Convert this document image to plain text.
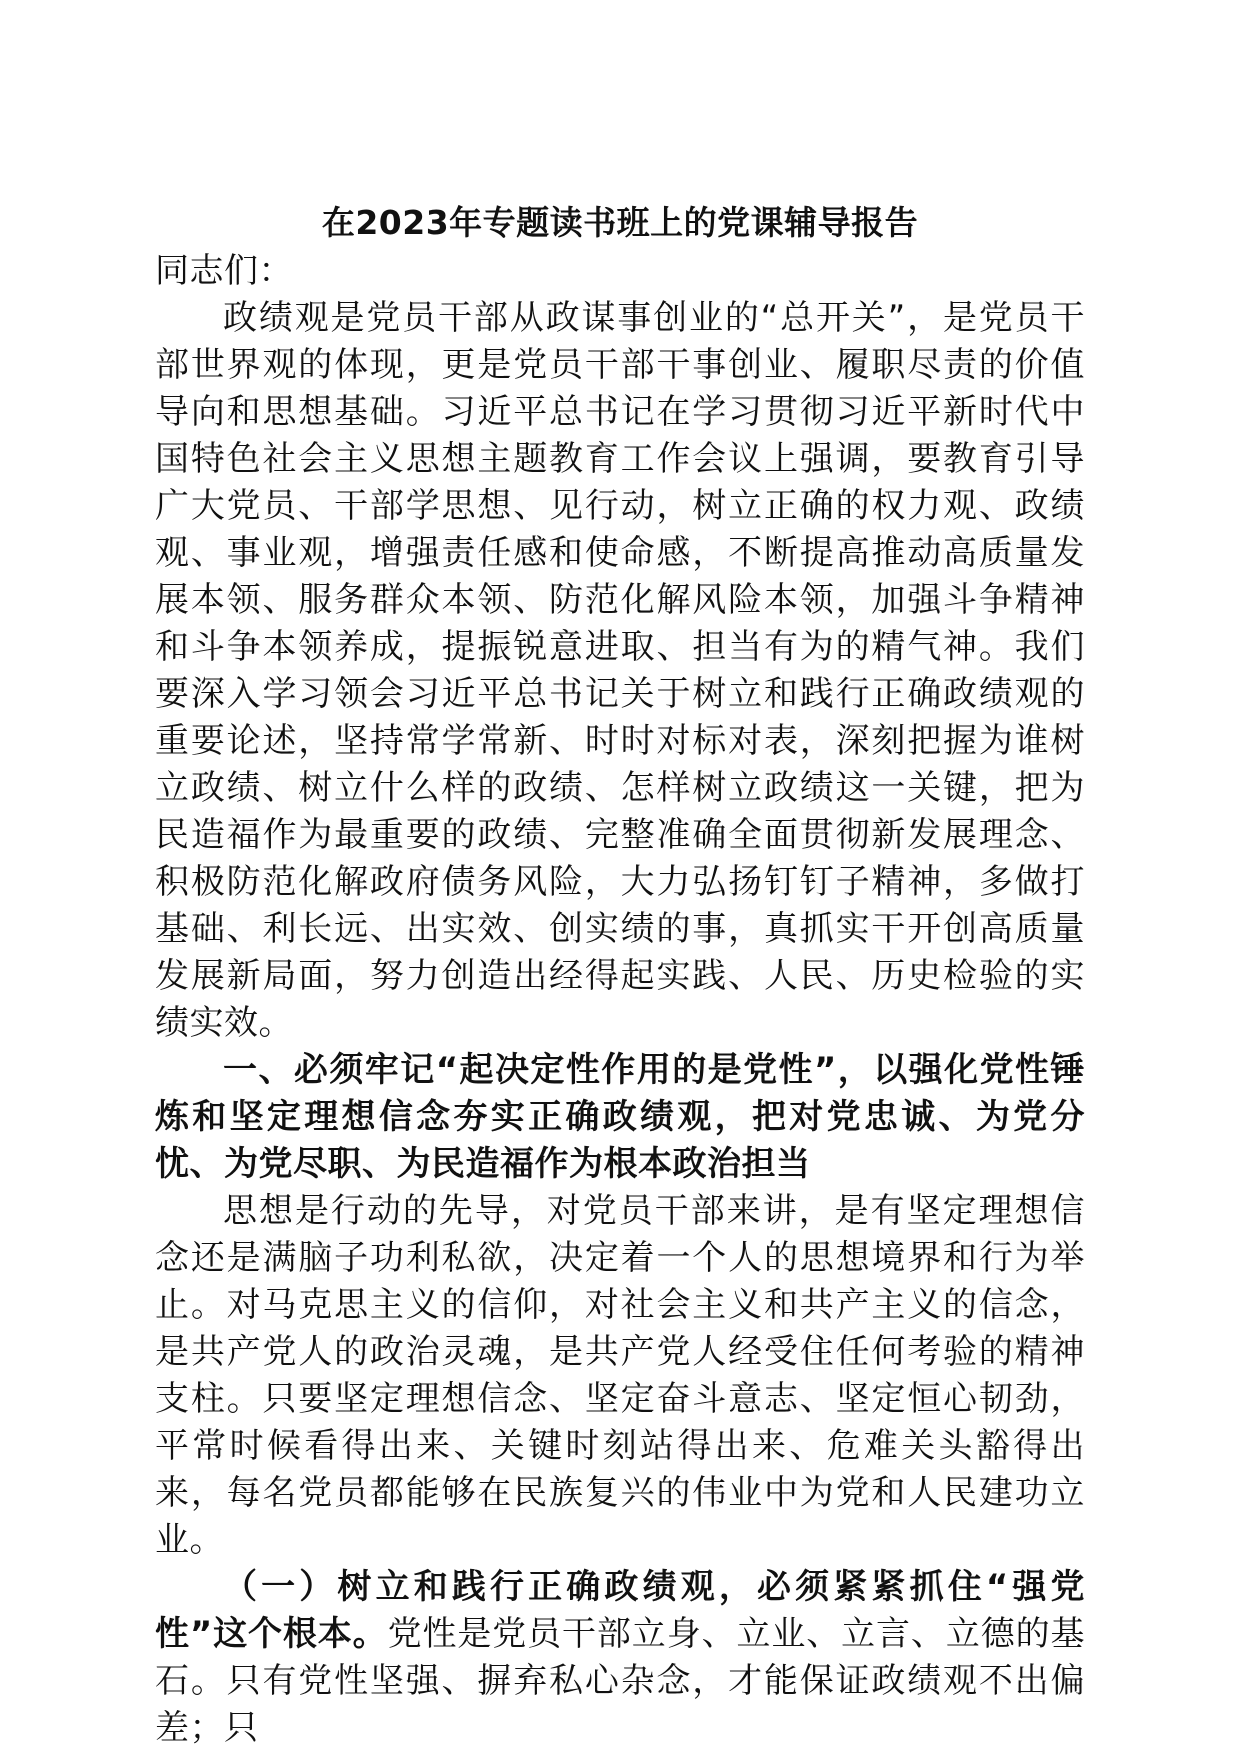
在2023年专题读书班上的党课辅导报告

同志们：

政绩观是党员干部从政谋事创业的“总开关”，是党员干部世界观的体现，更是党员干部干事创业、履职尽责的价值导向和思想基础。习近平总书记在学习贯彻习近平新时代中国特色社会主义思想主题教育工作会议上强调，要教育引导广大党员、干部学思想、见行动，树立正确的权力观、政绩观、事业观，增强责任感和使命感，不断提高推动高质量发展本领、服务群众本领、防范化解风险本领，加强斗争精神和斗争本领养成，提振锐意进取、担当有为的精气神。我们要深入学习领会习近平总书记关于树立和践行正确政绩观的重要论述，坚持常学常新、时时对标对表，深刻把握为谁树立政绩、树立什么样的政绩、怎样树立政绩这一关键，把为民造福作为最重要的政绩、完整准确全面贯彻新发展理念、积极防范化解政府债务风险，大力弘扬钉钉子精神，多做打基础、利长远、出实效、创实绩的事，真抓实干开创高质量发展新局面，努力创造出经得起实践、人民、历史检验的实绩实效。

一、必须牢记“起决定性作用的是党性”，以强化党性锤炼和坚定理想信念夯实正确政绩观，把对党忠诚、为党分忧、为党尽职、为民造福作为根本政治担当

思想是行动的先导，对党员干部来讲，是有坚定理想信念还是满脑子功利私欲，决定着一个人的思想境界和行为举止。对马克思主义的信仰，对社会主义和共产主义的信念，是共产党人的政治灵魂，是共产党人经受住任何考验的精神支柱。只要坚定理想信念、坚定奋斗意志、坚定恒心韧劲，平常时候看得出来、关键时刻站得出来、危难关头豁得出来，每名党员都能够在民族复兴的伟业中为党和人民建功立业。

（一）树立和践行正确政绩观，必须紧紧抓住“强党性”这个根本。党性是党员干部立身、立业、立言、立德的基石。只有党性坚强、摒弃私心杂念，才能保证政绩观不出偏差；只
